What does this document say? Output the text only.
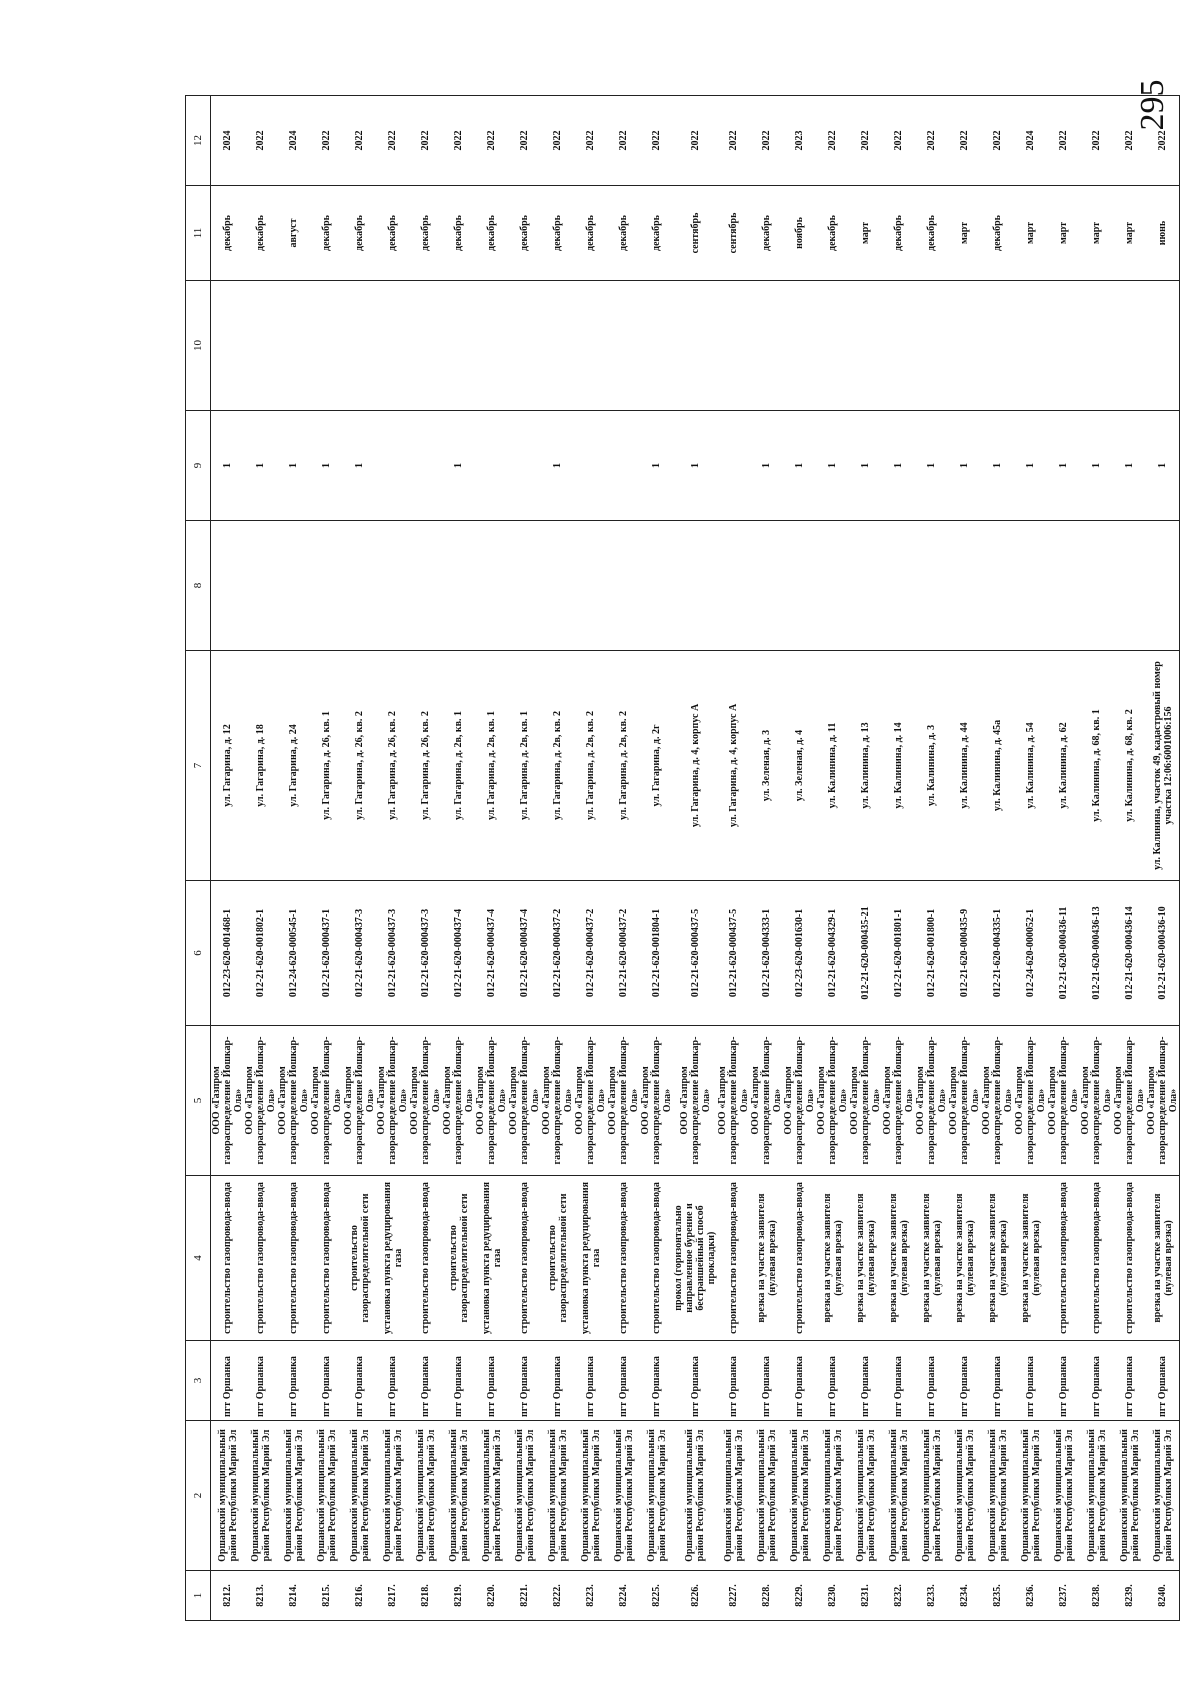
295
1	2	3	4	5	6	7	8	9	10	11	12
8212.	Оршанский муниципальный район Республики Марий Эл	пгт Оршанка	строительство газопровода-ввода	ООО «Газпром газораспределение Йошкар-Ола»	012-23-620-001468-1	ул. Гагарина, д. 12		1		декабрь	2024
8213.	Оршанский муниципальный район Республики Марий Эл	пгт Оршанка	строительство газопровода-ввода	ООО «Газпром газораспределение Йошкар-Ола»	012-21-620-001802-1	ул. Гагарина, д. 18		1		декабрь	2022
8214.	Оршанский муниципальный район Республики Марий Эл	пгт Оршанка	строительство газопровода-ввода	ООО «Газпром газораспределение Йошкар-Ола»	012-24-620-000545-1	ул. Гагарина, д. 24		1		август	2024
8215.	Оршанский муниципальный район Республики Марий Эл	пгт Оршанка	строительство газопровода-ввода	ООО «Газпром газораспределение Йошкар-Ола»	012-21-620-000437-1	ул. Гагарина, д. 26, кв. 1		1		декабрь	2022
8216.	Оршанский муниципальный район Республики Марий Эл	пгт Оршанка	строительство газораспределительной сети	ООО «Газпром газораспределение Йошкар-Ола»	012-21-620-000437-3	ул. Гагарина, д. 26, кв. 2		1		декабрь	2022
8217.	Оршанский муниципальный район Республики Марий Эл	пгт Оршанка	установка пункта редуцирования газа	ООО «Газпром газораспределение Йошкар-Ола»	012-21-620-000437-3	ул. Гагарина, д. 26, кв. 2				декабрь	2022
8218.	Оршанский муниципальный район Республики Марий Эл	пгт Оршанка	строительство газопровода-ввода	ООО «Газпром газораспределение Йошкар-Ола»	012-21-620-000437-3	ул. Гагарина, д. 26, кв. 2				декабрь	2022
8219.	Оршанский муниципальный район Республики Марий Эл	пгт Оршанка	строительство газораспределительной сети	ООО «Газпром газораспределение Йошкар-Ола»	012-21-620-000437-4	ул. Гагарина, д. 2в, кв. 1		1		декабрь	2022
8220.	Оршанский муниципальный район Республики Марий Эл	пгт Оршанка	установка пункта редуцирования газа	ООО «Газпром газораспределение Йошкар-Ола»	012-21-620-000437-4	ул. Гагарина, д. 2в, кв. 1				декабрь	2022
8221.	Оршанский муниципальный район Республики Марий Эл	пгт Оршанка	строительство газопровода-ввода	ООО «Газпром газораспределение Йошкар-Ола»	012-21-620-000437-4	ул. Гагарина, д. 2в, кв. 1				декабрь	2022
8222.	Оршанский муниципальный район Республики Марий Эл	пгт Оршанка	строительство газораспределительной сети	ООО «Газпром газораспределение Йошкар-Ола»	012-21-620-000437-2	ул. Гагарина, д. 2в, кв. 2		1		декабрь	2022
8223.	Оршанский муниципальный район Республики Марий Эл	пгт Оршанка	установка пункта редуцирования газа	ООО «Газпром газораспределение Йошкар-Ола»	012-21-620-000437-2	ул. Гагарина, д. 2в, кв. 2				декабрь	2022
8224.	Оршанский муниципальный район Республики Марий Эл	пгт Оршанка	строительство газопровода-ввода	ООО «Газпром газораспределение Йошкар-Ола»	012-21-620-000437-2	ул. Гагарина, д. 2в, кв. 2				декабрь	2022
8225.	Оршанский муниципальный район Республики Марий Эл	пгт Оршанка	строительство газопровода-ввода	ООО «Газпром газораспределение Йошкар-Ола»	012-21-620-001804-1	ул. Гагарина, д. 2г		1		декабрь	2022
8226.	Оршанский муниципальный район Республики Марий Эл	пгт Оршанка	прокол (горизонтально направленное бурение и бестраншейный способ прокладки)	ООО «Газпром газораспределение Йошкар-Ола»	012-21-620-000437-5	ул. Гагарина, д. 4, корпус А		1		сентябрь	2022
8227.	Оршанский муниципальный район Республики Марий Эл	пгт Оршанка	строительство газопровода-ввода	ООО «Газпром газораспределение Йошкар-Ола»	012-21-620-000437-5	ул. Гагарина, д. 4, корпус А				сентябрь	2022
8228.	Оршанский муниципальный район Республики Марий Эл	пгт Оршанка	врезка на участке заявителя (нулевая врезка)	ООО «Газпром газораспределение Йошкар-Ола»	012-21-620-004333-1	ул. Зеленая, д. 3		1		декабрь	2022
8229.	Оршанский муниципальный район Республики Марий Эл	пгт Оршанка	строительство газопровода-ввода	ООО «Газпром газораспределение Йошкар-Ола»	012-23-620-001630-1	ул. Зеленая, д. 4		1		ноябрь	2023
8230.	Оршанский муниципальный район Республики Марий Эл	пгт Оршанка	врезка на участке заявителя (нулевая врезка)	ООО «Газпром газораспределение Йошкар-Ола»	012-21-620-004329-1	ул. Калинина, д. 11		1		декабрь	2022
8231.	Оршанский муниципальный район Республики Марий Эл	пгт Оршанка	врезка на участке заявителя (нулевая врезка)	ООО «Газпром газораспределение Йошкар-Ола»	012-21-620-000435-21	ул. Калинина, д. 13		1		март	2022
8232.	Оршанский муниципальный район Республики Марий Эл	пгт Оршанка	врезка на участке заявителя (нулевая врезка)	ООО «Газпром газораспределение Йошкар-Ола»	012-21-620-001801-1	ул. Калинина, д. 14		1		декабрь	2022
8233.	Оршанский муниципальный район Республики Марий Эл	пгт Оршанка	врезка на участке заявителя (нулевая врезка)	ООО «Газпром газораспределение Йошкар-Ола»	012-21-620-001800-1	ул. Калинина, д. 3		1		декабрь	2022
8234.	Оршанский муниципальный район Республики Марий Эл	пгт Оршанка	врезка на участке заявителя (нулевая врезка)	ООО «Газпром газораспределение Йошкар-Ола»	012-21-620-000435-9	ул. Калинина, д. 44		1		март	2022
8235.	Оршанский муниципальный район Республики Марий Эл	пгт Оршанка	врезка на участке заявителя (нулевая врезка)	ООО «Газпром газораспределение Йошкар-Ола»	012-21-620-004335-1	ул. Калинина, д. 45а		1		декабрь	2022
8236.	Оршанский муниципальный район Республики Марий Эл	пгт Оршанка	врезка на участке заявителя (нулевая врезка)	ООО «Газпром газораспределение Йошкар-Ола»	012-24-620-000052-1	ул. Калинина, д. 54		1		март	2024
8237.	Оршанский муниципальный район Республики Марий Эл	пгт Оршанка	строительство газопровода-ввода	ООО «Газпром газораспределение Йошкар-Ола»	012-21-620-000436-11	ул. Калинина, д. 62		1		март	2022
8238.	Оршанский муниципальный район Республики Марий Эл	пгт Оршанка	строительство газопровода-ввода	ООО «Газпром газораспределение Йошкар-Ола»	012-21-620-000436-13	ул. Калинина, д. 68, кв. 1		1		март	2022
8239.	Оршанский муниципальный район Республики Марий Эл	пгт Оршанка	строительство газопровода-ввода	ООО «Газпром газораспределение Йошкар-Ола»	012-21-620-000436-14	ул. Калинина, д. 68, кв. 2		1		март	2022
8240.	Оршанский муниципальный район Республики Марий Эл	пгт Оршанка	врезка на участке заявителя (нулевая врезка)	ООО «Газпром газораспределение Йошкар-Ола»	012-21-620-000436-10	ул. Калинина, участок 49, кадастровый номер участка 12:06:6001006:156		1		июнь	2022
